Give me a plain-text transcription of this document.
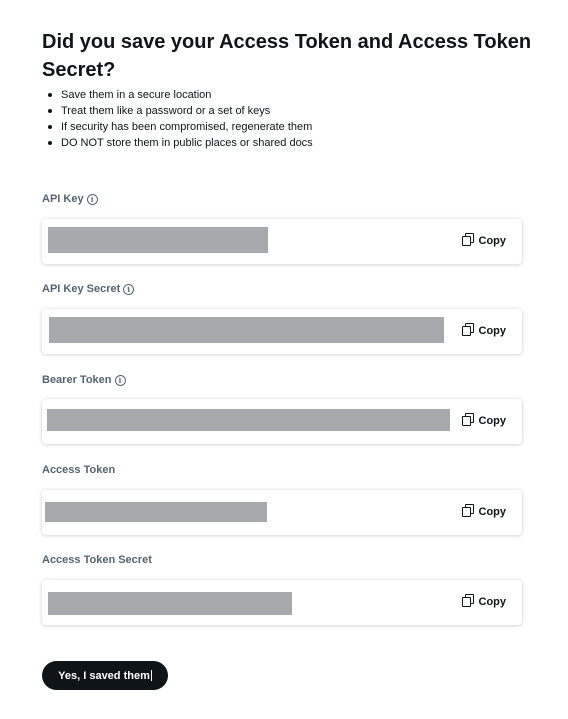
Did you save your Access Token and Access Token Secret?
Save them in a secure location
Treat them like a password or a set of keys
If security has been compromised, regenerate them
DO NOT store them in public places or shared docs
API Key	i
Copy
API Key Secret	i
Copy
Bearer Token	i
Copy
Access Token
Copy
Access Token Secret
Copy
Yes, I saved them
